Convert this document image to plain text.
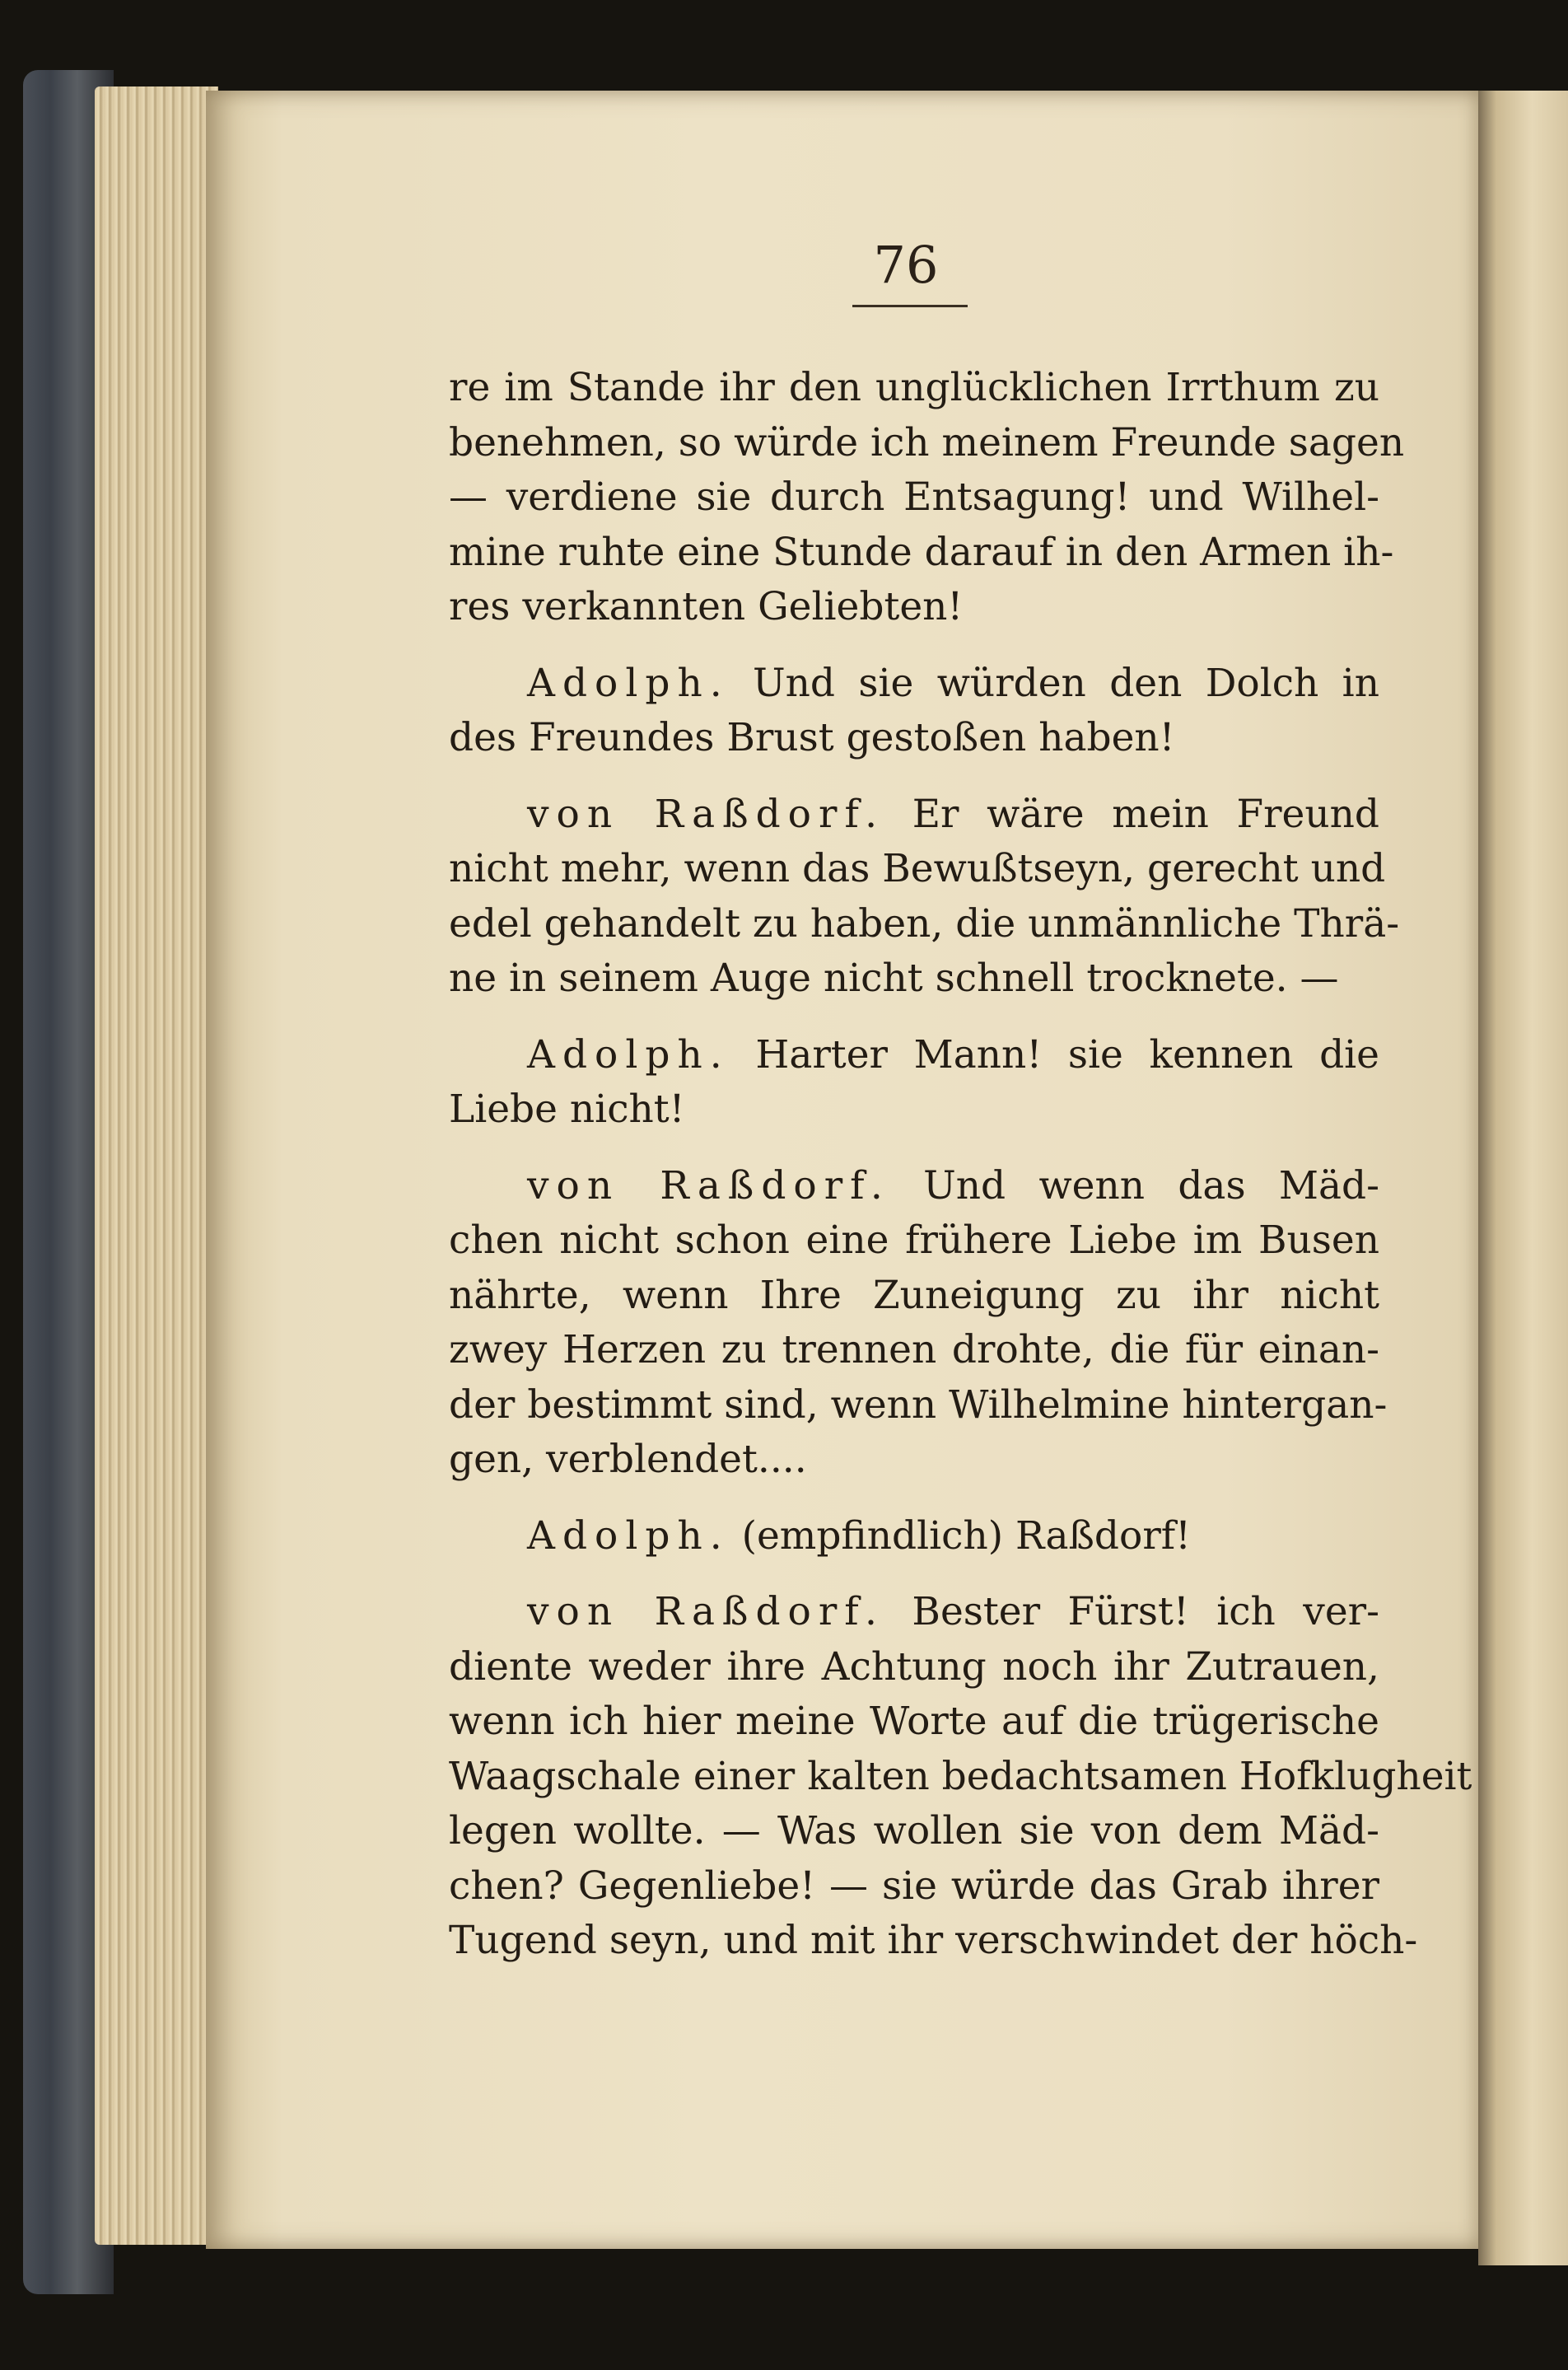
76
re im Stande ihr den unglücklichen Irrthum zu
benehmen, so würde ich meinem Freunde sagen
— verdiene sie durch Entsagung! und Wilhel-
mine ruhte eine Stunde darauf in den Armen ih-
res verkannten Geliebten!
Adolph. Und sie würden den Dolch in
des Freundes Brust gestoßen haben!
von Raßdorf. Er wäre mein Freund
nicht mehr, wenn das Bewußtseyn, gerecht und
edel gehandelt zu haben, die unmännliche Thrä-
ne in seinem Auge nicht schnell trocknete. —
Adolph. Harter Mann! sie kennen die
Liebe nicht!
von Raßdorf. Und wenn das Mäd-
chen nicht schon eine frühere Liebe im Busen
nährte, wenn Ihre Zuneigung zu ihr nicht
zwey Herzen zu trennen drohte, die für einan-
der bestimmt sind, wenn Wilhelmine hintergan-
gen, verblendet....
Adolph. (empfindlich) Raßdorf!
von Raßdorf. Bester Fürst! ich ver-
diente weder ihre Achtung noch ihr Zutrauen,
wenn ich hier meine Worte auf die trügerische
Waagschale einer kalten bedachtsamen Hofklugheit
legen wollte. — Was wollen sie von dem Mäd-
chen? Gegenliebe! — sie würde das Grab ihrer
Tugend seyn, und mit ihr verschwindet der höch-
